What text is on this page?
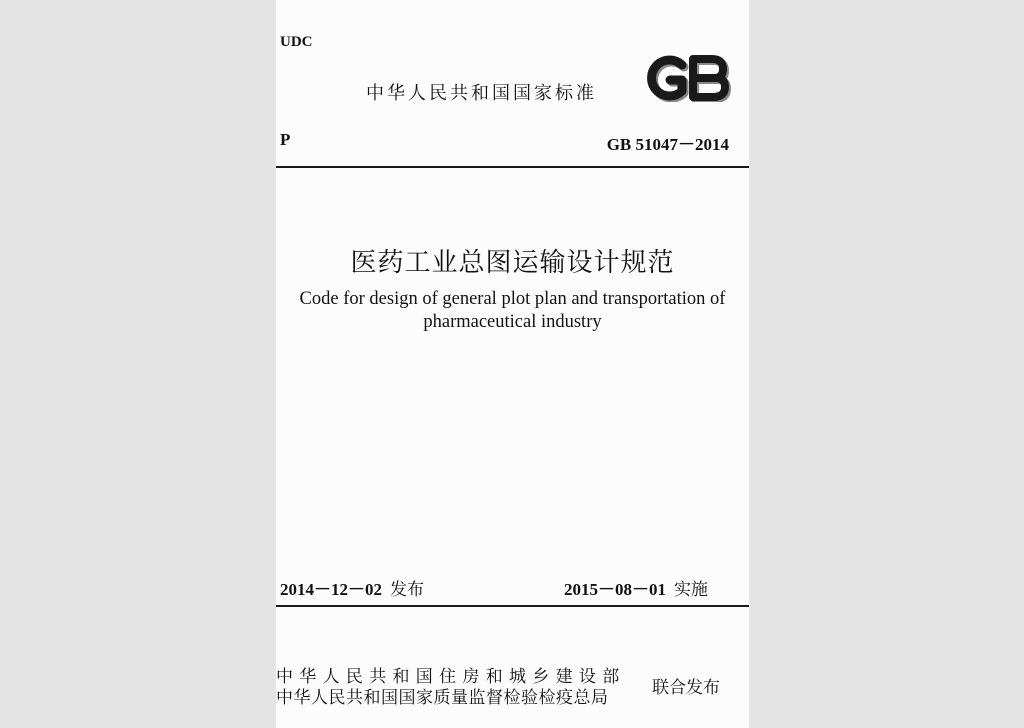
UDC
中华人民共和国国家标准
P	GB 51047－2014
医药工业总图运输设计规范
Code for design of general plot plan and transportation of
pharmaceutical industry
2014－12－02 发布	2015－08－01 实施
中华人民共和国住房和城乡建设部
中华人民共和国国家质量监督检验检疫总局	联合发布
